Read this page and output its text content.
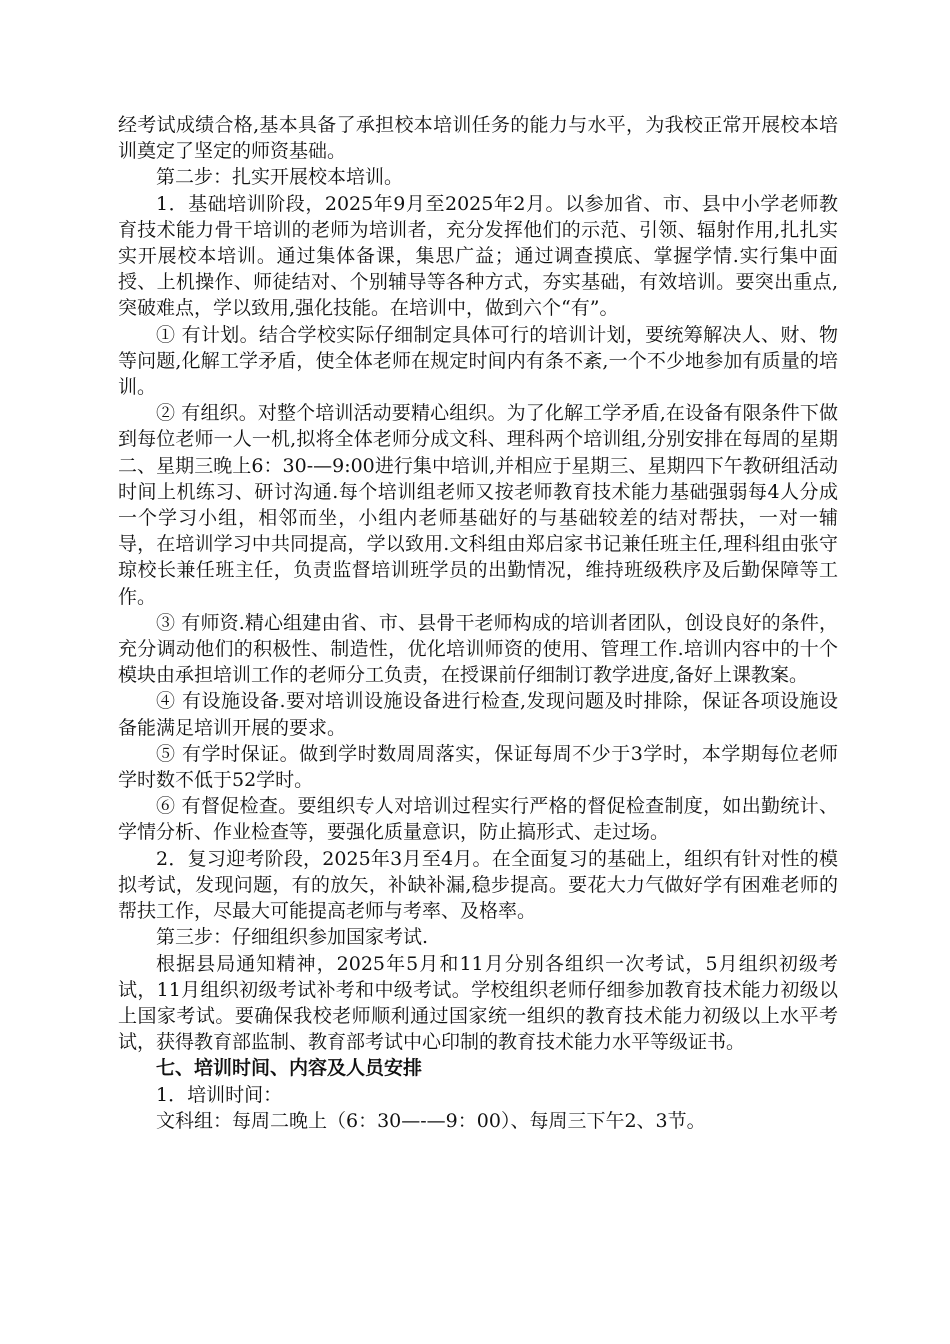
经考试成绩合格,基本具备了承担校本培训任务的能力与水平，为我校正常开展校本培训奠定了坚定的师资基础。

第二步：扎实开展校本培训。

1．基础培训阶段，2025年9月至2025年2月。以参加省、市、县中小学老师教育技术能力骨干培训的老师为培训者，充分发挥他们的示范、引领、辐射作用,扎扎实实开展校本培训。通过集体备课，集思广益；通过调查摸底、掌握学情.实行集中面授、上机操作、师徒结对、个别辅导等各种方式，夯实基础，有效培训。要突出重点,突破难点，学以致用,强化技能。在培训中，做到六个“有”。

① 有计划。结合学校实际仔细制定具体可行的培训计划，要统筹解决人、财、物等问题,化解工学矛盾，使全体老师在规定时间内有条不紊,一个不少地参加有质量的培训。

② 有组织。对整个培训活动要精心组织。为了化解工学矛盾,在设备有限条件下做到每位老师一人一机,拟将全体老师分成文科、理科两个培训组,分别安排在每周的星期二、星期三晚上6：30-—9:00进行集中培训,并相应于星期三、星期四下午教研组活动时间上机练习、研讨沟通.每个培训组老师又按老师教育技术能力基础强弱每4人分成一个学习小组，相邻而坐，小组内老师基础好的与基础较差的结对帮扶，一对一辅导，在培训学习中共同提高，学以致用.文科组由郑启家书记兼任班主任,理科组由张守琼校长兼任班主任，负责监督培训班学员的出勤情况，维持班级秩序及后勤保障等工作。

③ 有师资.精心组建由省、市、县骨干老师构成的培训者团队，创设良好的条件，充分调动他们的积极性、制造性，优化培训师资的使用、管理工作.培训内容中的十个模块由承担培训工作的老师分工负责，在授课前仔细制订教学进度,备好上课教案。

④ 有设施设备.要对培训设施设备进行检查,发现问题及时排除，保证各项设施设备能满足培训开展的要求。

⑤ 有学时保证。做到学时数周周落实，保证每周不少于3学时，本学期每位老师学时数不低于52学时。

⑥ 有督促检查。要组织专人对培训过程实行严格的督促检查制度，如出勤统计、学情分析、作业检查等，要强化质量意识，防止搞形式、走过场。

2．复习迎考阶段，2025年3月至4月。在全面复习的基础上，组织有针对性的模拟考试，发现问题，有的放矢，补缺补漏,稳步提高。要花大力气做好学有困难老师的帮扶工作，尽最大可能提高老师与考率、及格率。

第三步：仔细组织参加国家考试.

根据县局通知精神，2025年5月和11月分别各组织一次考试，5月组织初级考试，11月组织初级考试补考和中级考试。学校组织老师仔细参加教育技术能力初级以上国家考试。要确保我校老师顺利通过国家统一组织的教育技术能力初级以上水平考试，获得教育部监制、教育部考试中心印制的教育技术能力水平等级证书。

七、培训时间、内容及人员安排

1．培训时间：

文科组：每周二晚上（6：30—-—9：00）、每周三下午2、3节。
